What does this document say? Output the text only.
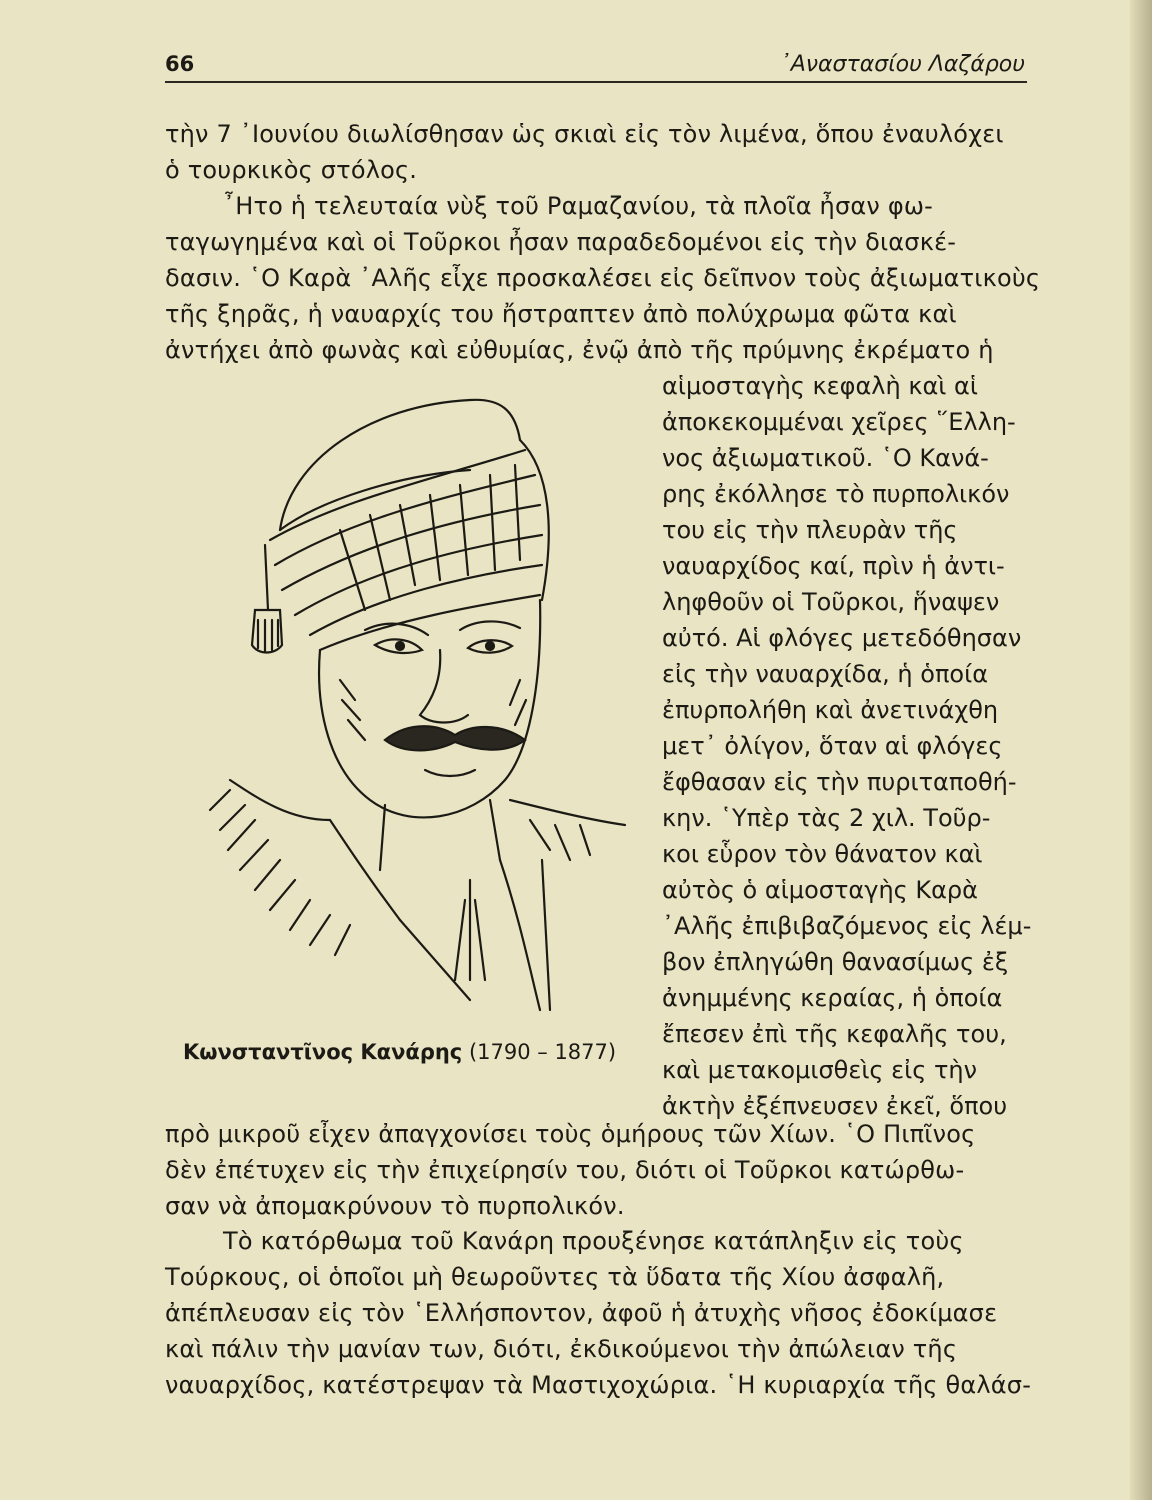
66	᾿Αναστασίου Λαζάρου
τὴν 7 ᾿Ιουνίου διωλίσθησαν ὡς σκιαὶ εἰς τὸν λιμένα, ὅπου ἐναυλόχει
ὁ τουρκικὸς στόλος.
῏Ητο ἡ τελευταία νὺξ τοῦ Ραμαζανίου, τὰ πλοῖα ἦσαν φω-
ταγωγημένα καὶ οἱ Τοῦρκοι ἦσαν παραδεδομένοι εἰς τὴν διασκέ-
δασιν. ῾Ο Καρὰ ᾿Αλῆς εἶχε προσκαλέσει εἰς δεῖπνον τοὺς ἀξιωματικοὺς
τῆς ξηρᾶς, ἡ ναυαρχίς του ἤστραπτεν ἀπὸ πολύχρωμα φῶτα καὶ
ἀντήχει ἀπὸ φωνὰς καὶ εὐθυμίας, ἐνῷ ἀπὸ τῆς πρύμνης ἐκρέματο ἡ
αἱμοσταγὴς κεφαλὴ καὶ αἱ
ἀποκεκομμέναι χεῖρες ῞Ελλη-
νος ἀξιωματικοῦ. ῾Ο Κανά-
ρης ἐκόλλησε τὸ πυρπολικόν
του εἰς τὴν πλευρὰν τῆς
ναυαρχίδος καί, πρὶν ἡ ἀντι-
ληφθοῦν οἱ Τοῦρκοι, ἥναψεν
αὐτό. Αἱ φλόγες μετεδόθησαν
εἰς τὴν ναυαρχίδα, ἡ ὁποία
ἐπυρπολήθη καὶ ἀνετινάχθη
μετ᾿ ὀλίγον, ὅταν αἱ φλόγες
ἔφθασαν εἰς τὴν πυριταποθή-
κην. ῾Υπὲρ τὰς 2 χιλ. Τοῦρ-
κοι εὗρον τὸν θάνατον καὶ
αὐτὸς ὁ αἱμοσταγὴς Καρὰ
᾿Αλῆς ἐπιβιβαζόμενος εἰς λέμ-
βον ἐπληγώθη θανασίμως ἐξ
ἀνημμένης κεραίας, ἡ ὁποία
ἔπεσεν ἐπὶ τῆς κεφαλῆς του,
καὶ μετακομισθεὶς εἰς τὴν
ἀκτὴν ἐξέπνευσεν ἐκεῖ, ὅπου
Κωνσταντῖνος Κανάρης (1790 – 1877)
πρὸ μικροῦ εἶχεν ἀπαγχονίσει τοὺς ὁμήρους τῶν Χίων. ῾Ο Πιπῖνος
δὲν ἐπέτυχεν εἰς τὴν ἐπιχείρησίν του, διότι οἱ Τοῦρκοι κατώρθω-
σαν νὰ ἀπομακρύνουν τὸ πυρπολικόν.
Τὸ κατόρθωμα τοῦ Κανάρη προυξένησε κατάπληξιν εἰς τοὺς
Τούρκους, οἱ ὁποῖοι μὴ θεωροῦντες τὰ ὕδατα τῆς Χίου ἀσφαλῆ,
ἀπέπλευσαν εἰς τὸν ῾Ελλήσποντον, ἀφοῦ ἡ ἀτυχὴς νῆσος ἐδοκίμασε
καὶ πάλιν τὴν μανίαν των, διότι, ἐκδικούμενοι τὴν ἀπώλειαν τῆς
ναυαρχίδος, κατέστρεψαν τὰ Μαστιχοχώρια. ῾Η κυριαρχία τῆς θαλάσ-
